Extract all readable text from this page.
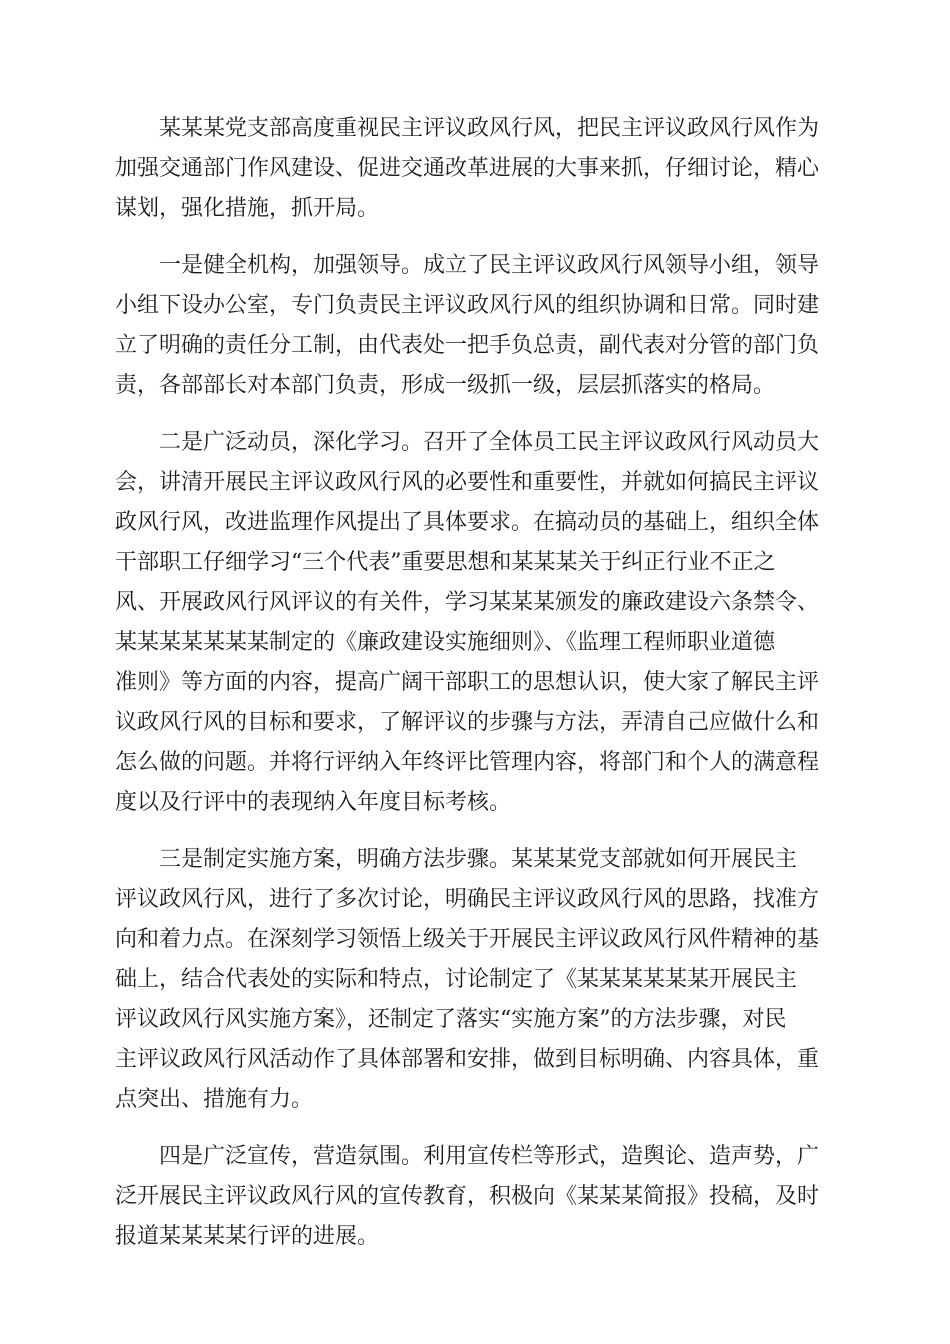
某某某党支部高度重视民主评议政风行风，把民主评议政风行风作为
加强交通部门作风建设、促进交通改革进展的大事来抓，仔细讨论，精心
谋划，强化措施，抓开局。

一是健全机构，加强领导。成立了民主评议政风行风领导小组，领导
小组下设办公室，专门负责民主评议政风行风的组织协调和日常。同时建
立了明确的责任分工制，由代表处一把手负总责，副代表对分管的部门负
责，各部部长对本部门负责，形成一级抓一级，层层抓落实的格局。

二是广泛动员，深化学习。召开了全体员工民主评议政风行风动员大
会，讲清开展民主评议政风行风的必要性和重要性，并就如何搞民主评议
政风行风，改进监理作风提出了具体要求。在搞动员的基础上，组织全体
干部职工仔细学习“三个代表”重要思想和某某某关于纠正行业不正之
风、开展政风行风评议的有关件，学习某某某颁发的廉政建设六条禁令、
某某某某某某某制定的《廉政建设实施细则》、《监理工程师职业道德
准则》等方面的内容，提高广阔干部职工的思想认识，使大家了解民主评
议政风行风的目标和要求，了解评议的步骤与方法，弄清自己应做什么和
怎么做的问题。并将行评纳入年终评比管理内容，将部门和个人的满意程
度以及行评中的表现纳入年度目标考核。

三是制定实施方案，明确方法步骤。某某某党支部就如何开展民主
评议政风行风，进行了多次讨论，明确民主评议政风行风的思路，找准方
向和着力点。在深刻学习领悟上级关于开展民主评议政风行风件精神的基
础上，结合代表处的实际和特点，讨论制定了《某某某某某某开展民主
评议政风行风实施方案》，还制定了落实“实施方案”的方法步骤，对民
主评议政风行风活动作了具体部署和安排，做到目标明确、内容具体，重
点突出、措施有力。

四是广泛宣传，营造氛围。利用宣传栏等形式，造舆论、造声势，广
泛开展民主评议政风行风的宣传教育，积极向《某某某简报》投稿，及时
报道某某某某行评的进展。
